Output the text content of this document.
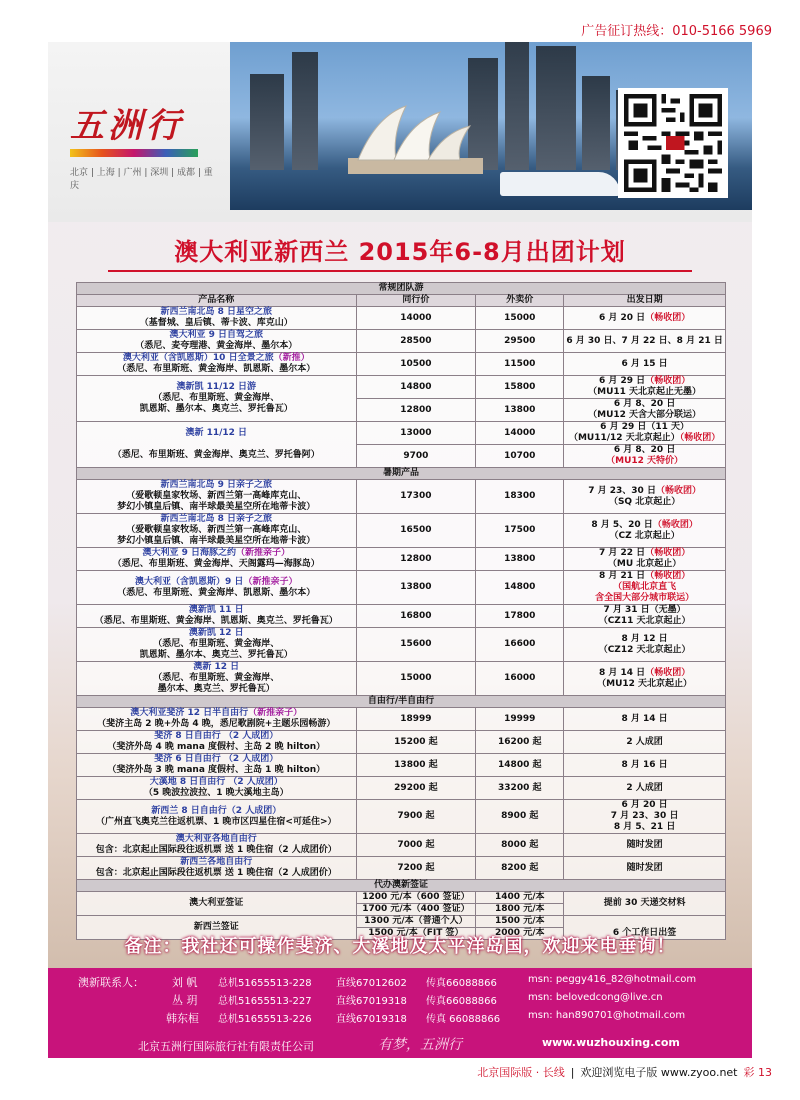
广告征订热线：010-5166 5969
五洲行
北京 | 上海 | 广州 | 深圳 | 成都 | 重庆
澳大利亚新西兰 2015年6-8月出团计划
常规团队游			
产品名称	同行价	外卖价	出发日期
新西兰南北岛 8 日星空之旅
（基督城、皇后镇、蒂卡波、库克山）	14000	15000	6 月 20 日（畅收团）
澳大利亚 9 日自驾之旅
（悉尼、麦夸理港、黄金海岸、墨尔本）	28500	29500	6 月 30 日、7 月 22 日、8 月 21 日
澳大利亚（含凯恩斯）10 日全景之旅（新推）
（悉尼、布里斯班、黄金海岸、凯恩斯、墨尔本）	10500	11500	6 月 15 日
澳新凯 11/12 日游
（悉尼、布里斯班、黄金海岸、
凯恩斯、墨尔本、奥克兰、罗托鲁瓦）	14800	15800	6 月 29 日（畅收团）
（MU11 天北京起止无墨）
	12800	13800	6 月 8、20 日
（MU12 天含大部分联运）
澳新 11/12 日

（悉尼、布里斯班、黄金海岸、奥克兰、罗托鲁阿）	13000	14000	6 月 29 日（11 天）
（MU11/12 天北京起止）（畅收团）
	9700	10700	6 月 8、20 日
（MU12 天特价）
暑期产品			
新西兰南北岛 9 日亲子之旅
（爱歌顿皇家牧场、新西兰第一高峰库克山、
梦幻小镇皇后镇、南半球最美星空所在地蒂卡波）	17300	18300	7 月 23、30 日（畅收团）
（SQ 北京起止）
新西兰南北岛 8 日亲子之旅
（爱歌顿皇家牧场、新西兰第一高峰库克山、
梦幻小镇皇后镇、南半球最美星空所在地蒂卡波）	16500	17500	8 月 5、20 日（畅收团）
（CZ 北京起止）
澳大利亚 9 日海豚之约（新推亲子）
（悉尼、布里斯班、黄金海岸、天阁露玛—海豚岛）	12800	13800	7 月 22 日（畅收团）
（MU 北京起止）
澳大利亚（含凯恩斯）9 日（新推亲子）
（悉尼、布里斯班、黄金海岸、凯恩斯、墨尔本）	13800	14800	8 月 21 日（畅收团）
（国航北京直飞
含全国大部分城市联运）
澳新凯 11 日
（悉尼、布里斯班、黄金海岸、凯恩斯、奥克兰、罗托鲁瓦）	16800	17800	7 月 31 日（无墨）
（CZ11 天北京起止）
澳新凯 12 日
（悉尼、布里斯班、黄金海岸、
凯恩斯、墨尔本、奥克兰、罗托鲁瓦）	15600	16600	8 月 12 日
（CZ12 天北京起止）
澳新 12 日
（悉尼、布里斯班、黄金海岸、
墨尔本、奥克兰、罗托鲁瓦）	15000	16000	8 月 14 日（畅收团）
（MU12 天北京起止）
自由行/半自由行			
澳大利亚斐济 12 日半自由行（新推亲子）
（斐济主岛 2 晚+外岛 4 晚，悉尼歌剧院+主题乐园畅游）	18999	19999	8 月 14 日
斐济 8 日自由行 （2 人成团）
（斐济外岛 4 晚 mana 度假村、主岛 2 晚 hilton）	15200 起	16200 起	2 人成团
斐济 6 日自由行 （2 人成团）
（斐济外岛 3 晚 mana 度假村、主岛 1 晚 hilton）	13800 起	14800 起	8 月 16 日
大溪地 8 日自由行 （2 人成团）
（5 晚波拉波拉、1 晚大溪地主岛）	29200 起	33200 起	2 人成团
新西兰 8 日自由行（2 人成团）
（广州直飞奥克兰往返机票、1 晚市区四星住宿<可延住>）	7900 起	8900 起	6 月 20 日
7 月 23、30 日
8 月 5、21 日
澳大利亚各地自由行
包含：北京起止国际段往返机票 送 1 晚住宿（2 人成团价）	7000 起	8000 起	随时发团
新西兰各地自由行
包含：北京起止国际段往返机票 送 1 晚住宿（2 人成团价）	7200 起	8200 起	随时发团
代办澳新签证			
澳大利亚签证	1200 元/本（600 签证）	1400 元/本	提前 30 天递交材料
	1700 元/本（400 签证）	1800 元/本	
新西兰签证	1300 元/本（普通个人）	1500 元/本	6 个工作日出签
	1500 元/本（FIT 签）	2000 元/本	
备注：我社还可操作斐济、大溪地及太平洋岛国，欢迎来电垂询！
澳新联系人：	刘 帆 总机51655513-228 直线67012602 传真66088866	msn: peggy416_82@hotmail.com
丛 玥 总机51655513-227 直线67019318 传真66088866	msn: belovedcong@live.cn
韩东桓 总机51655513-226 直线67019318 传真 66088866	msn: han890701@hotmail.com
北京五洲行国际旅行社有限责任公司	有梦，五洲行	www.wuzhouxing.com
北京国际版 · 长线 | 欢迎浏览电子版 www.zyoo.net 彩 13
